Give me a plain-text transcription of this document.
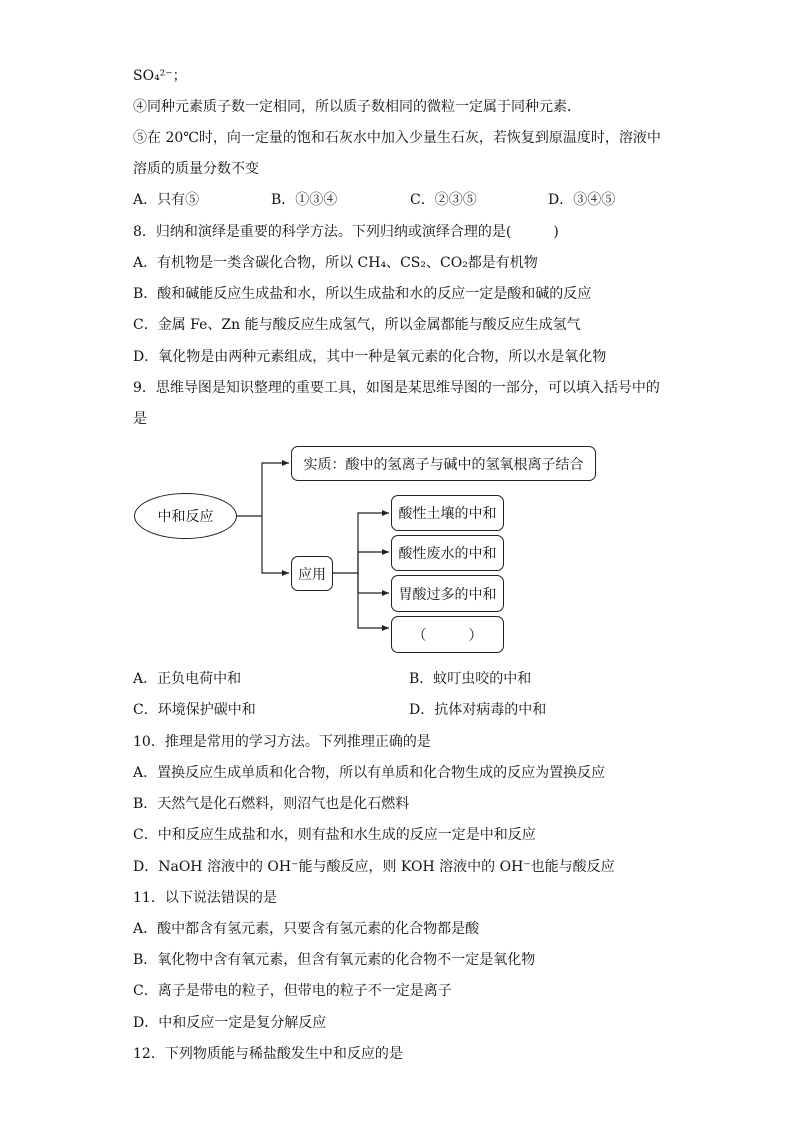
SO₄²⁻；
④同种元素质子数一定相同，所以质子数相同的微粒一定属于同种元素．
⑤在 20℃时，向一定量的饱和石灰水中加入少量生石灰，若恢复到原温度时，溶液中
溶质的质量分数不变
A．只有⑤	B．①③④	C．②③⑤	D．③④⑤
8．归纳和演绎是重要的科学方法。下列归纳或演绎合理的是(　　　)
A．有机物是一类含碳化合物，所以 CH₄、CS₂、CO₂都是有机物
B．酸和碱能反应生成盐和水，所以生成盐和水的反应一定是酸和碱的反应
C．金属 Fe、Zn 能与酸反应生成氢气，所以金属都能与酸反应生成氢气
D．氧化物是由两种元素组成，其中一种是氧元素的化合物，所以水是氧化物
9．思维导图是知识整理的重要工具，如图是某思维导图的一部分，可以填入括号中的
是
中和反应
实质：酸中的氢离子与碱中的氢氧根离子结合
应用
酸性土壤的中和
酸性废水的中和
胃酸过多的中和
（　　　）
A．正负电荷中和	B．蚊叮虫咬的中和
C．环境保护碳中和	D．抗体对病毒的中和
10．推理是常用的学习方法。下列推理正确的是
A．置换反应生成单质和化合物，所以有单质和化合物生成的反应为置换反应
B．天然气是化石燃料，则沼气也是化石燃料
C．中和反应生成盐和水，则有盐和水生成的反应一定是中和反应
D．NaOH 溶液中的 OH⁻能与酸反应，则 KOH 溶液中的 OH⁻也能与酸反应
11．以下说法错误的是
A．酸中都含有氢元素，只要含有氢元素的化合物都是酸
B．氧化物中含有氧元素，但含有氧元素的化合物不一定是氧化物
C．离子是带电的粒子，但带电的粒子不一定是离子
D．中和反应一定是复分解反应
12．下列物质能与稀盐酸发生中和反应的是
